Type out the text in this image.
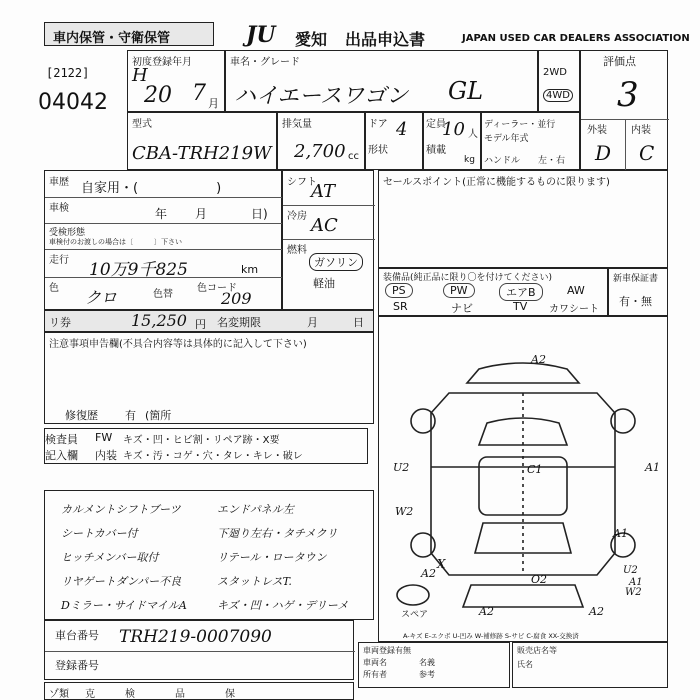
車内保管・守衛保管	JU 愛知 出品申込書	JAPAN USED CAR DEALERS ASSOCIATION
[2122]
04042
初度登録年月
H
20 7 月
車名・グレード
ハイエースワゴン GL
2WD
4WD
評価点
3
外装 内装
D C
型式
CBA-TRH219W
排気量
2,700 cc
ドア 4
形状
定員
10 人
積載
kg
ディーラー・並行
モデル年式
ハンドル 左・右
車歴 自家用・(　　　　　　)
車検	年 月	日)
受検形態
車検付のお渡しの場合は〔　　　〕下さい
走行 10万9千825	km
色 クロ	色替
色コード
209
シフト
AT
冷房 AC
燃料
ガソリン
軽油
セールスポイント(正常に機能するものに限ります)
装備品(純正品に限り〇を付けてください)
PS	PW	エアB	AW
SR	ナビ	TV カワシート
新車保証書
有・無
リ券	15,250 円 名変期限	月	日
注意事項申告欄(不具合内容等は具体的に記入して下さい)
修復歴 有 (箇所
検査員
記入欄
FW キズ・凹・ヒビ割・リペア跡・X要
内装 キズ・汚・コゲ・穴・タレ・キレ・破レ
カルメントシフトブーツ	エンドパネル左
シートカバー付	下廻り左右・タチメクリ
ヒッチメンバー取付	リテール・ロータウン
リヤゲートダンパー不良	スタットレスT.
Dミラー・サイドマイルA	キズ・凹・ハゲ・デリーメ
A2
A1
U2	C1
W2
A1
U2
A2
X
A2	A2
O2	A1
W2
スペア
A-キズ E-エクボ U-凹み W-補修跡 S-サビ C-腐食 XX-交換済
車台番号 TRH219-0007090
登録番号
ゾ類 克	検	品	保
車両登録有無
車両名
所有者	参考
名義
販売店名等
氏名
